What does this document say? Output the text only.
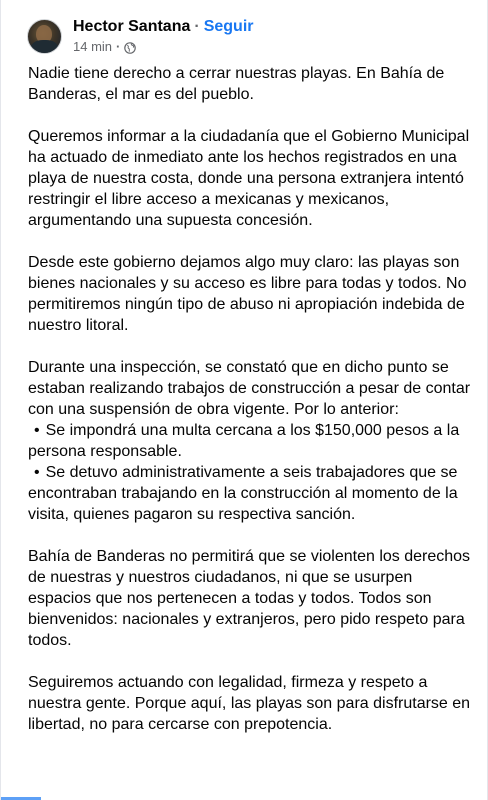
Hector Santana · Seguir
14 min ·

Nadie tiene derecho a cerrar nuestras playas. En Bahía de Banderas, el mar es del pueblo.

Queremos informar a la ciudadanía que el Gobierno Municipal ha actuado de inmediato ante los hechos registrados en una playa de nuestra costa, donde una persona extranjera intentó restringir el libre acceso a mexicanas y mexicanos, argumentando una supuesta concesión.

Desde este gobierno dejamos algo muy claro: las playas son bienes nacionales y su acceso es libre para todas y todos. No permitiremos ningún tipo de abuso ni apropiación indebida de nuestro litoral.

Durante una inspección, se constató que en dicho punto se estaban realizando trabajos de construcción a pesar de contar con una suspensión de obra vigente. Por lo anterior:
• Se impondrá una multa cercana a los $150,000 pesos a la persona responsable.
• Se detuvo administrativamente a seis trabajadores que se encontraban trabajando en la construcción al momento de la visita, quienes pagaron su respectiva sanción.

Bahía de Banderas no permitirá que se violenten los derechos de nuestras y nuestros ciudadanos, ni que se usurpen espacios que nos pertenecen a todas y todos. Todos son bienvenidos: nacionales y extranjeros, pero pido respeto para todos.

Seguiremos actuando con legalidad, firmeza y respeto a nuestra gente. Porque aquí, las playas son para disfrutarse en libertad, no para cercarse con prepotencia.
